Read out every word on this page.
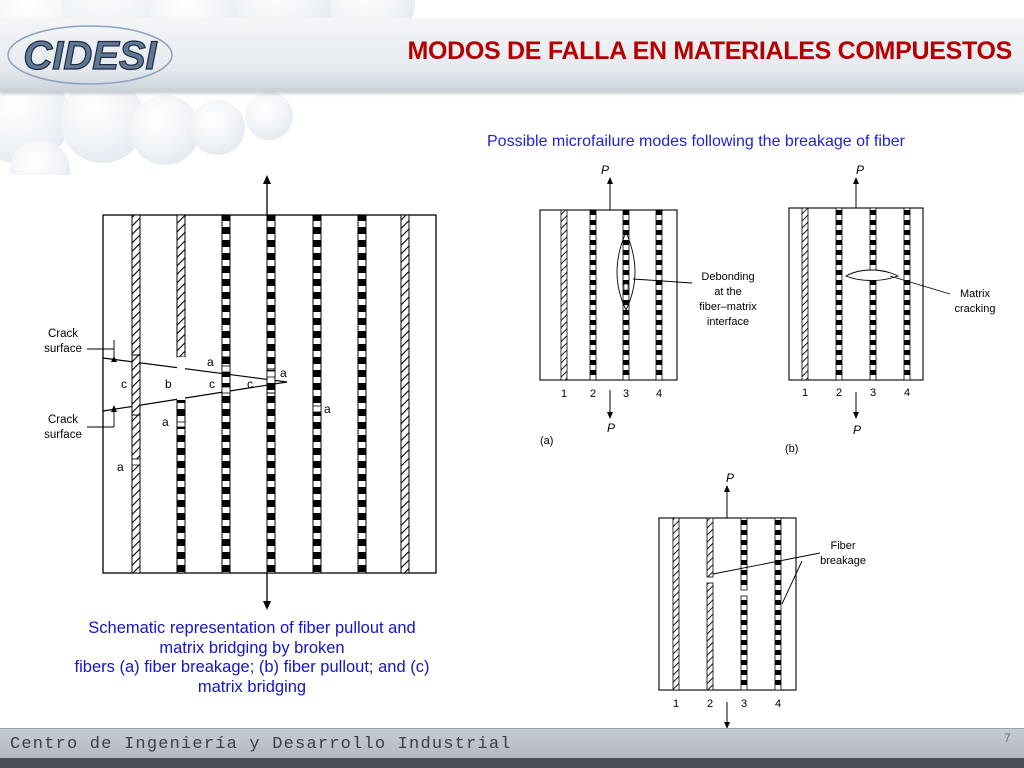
CIDESI	MODOS DE FALLA EN MATERIALES COMPUESTOS
Possible microfailure modes following the breakage of fiber
Crack
surface
Crack
surface
c	b	c	c
a
a
a
a
a
P
Debonding
at the
fiber–matrix
interface
1 2 3 4
P
(a)
P
Matrix
cracking
1	2	3	4
P
(b)
P
Fiber
breakage
1	2	3	4
Schematic representation of fiber pullout and
matrix bridging by broken
fibers (a) fiber breakage; (b) fiber pullout; and (c)
matrix bridging
Centro de Ingeniería y Desarrollo Industrial	7
